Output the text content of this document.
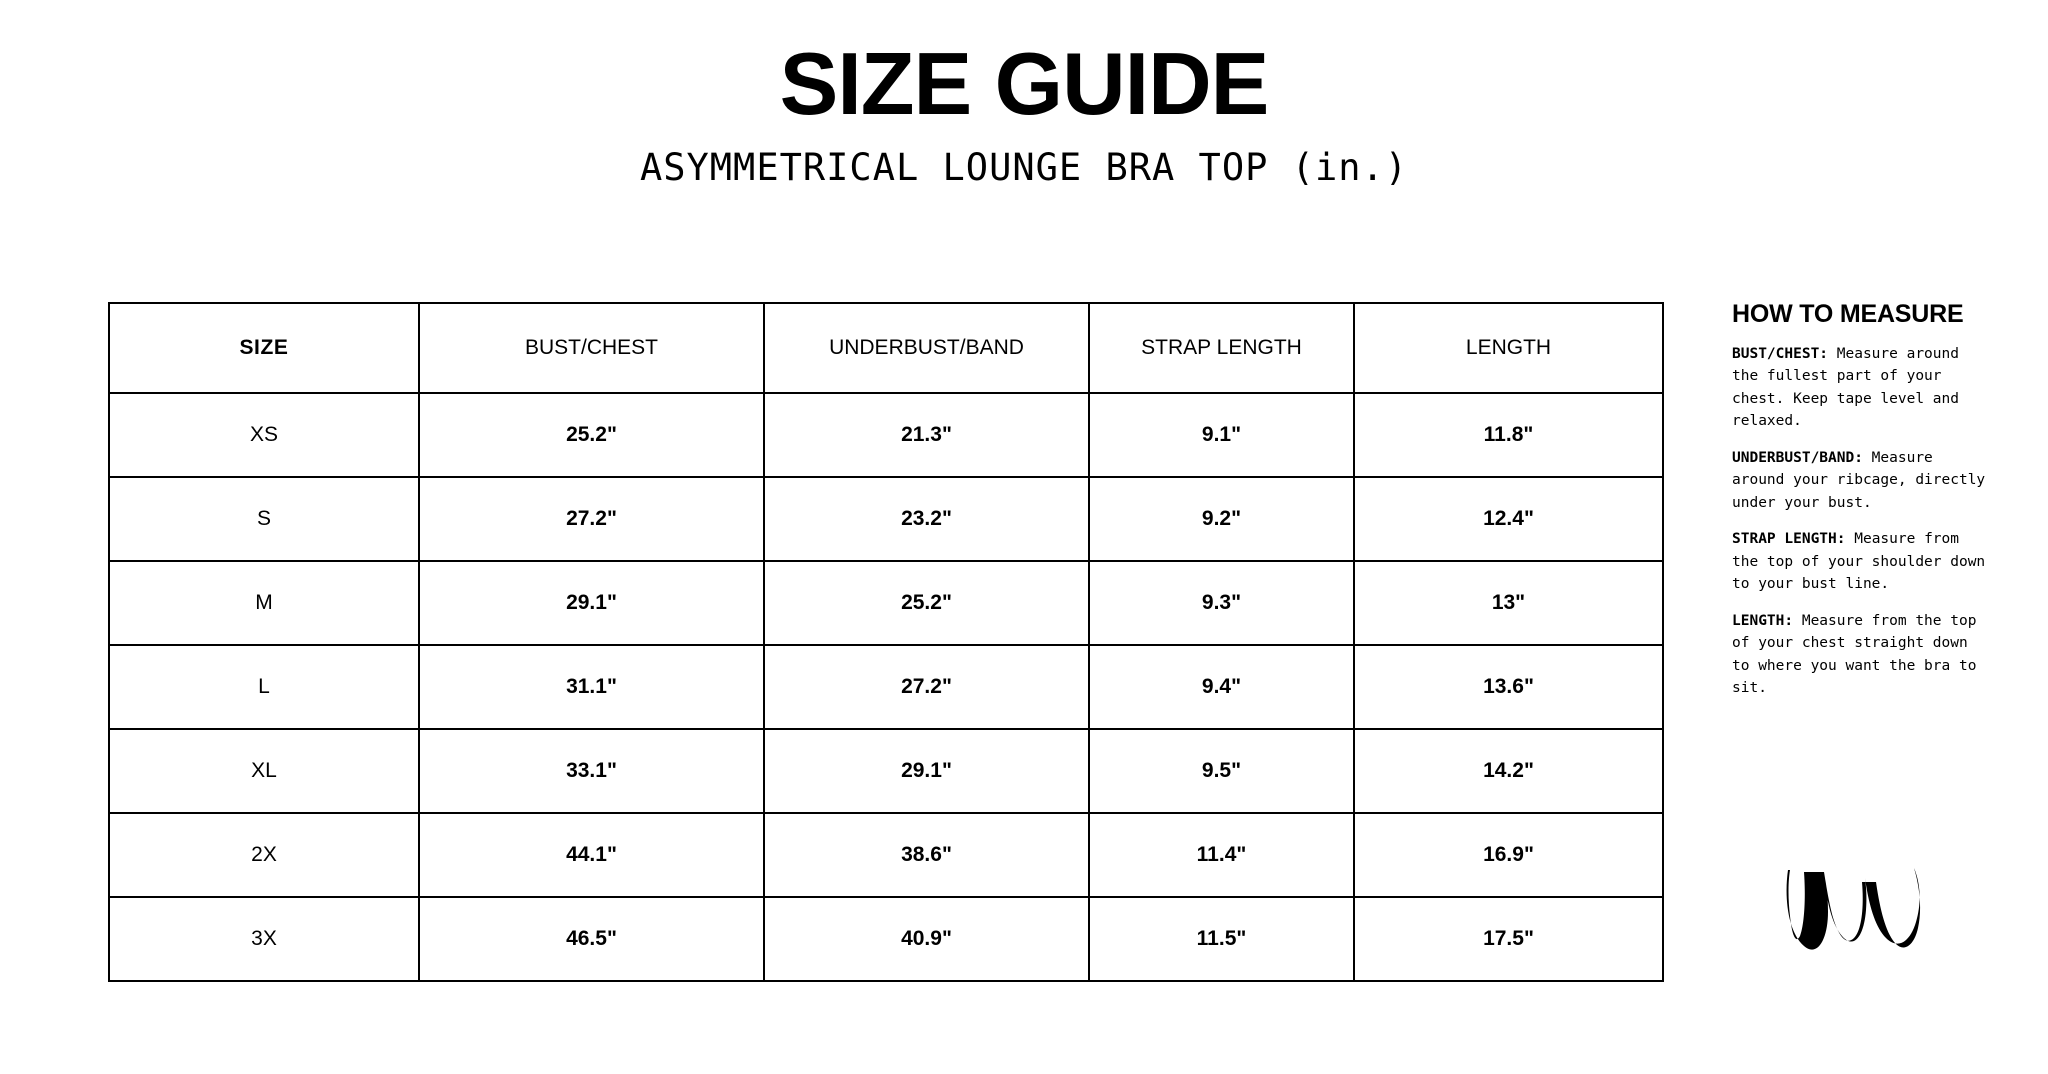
SIZE GUIDE
ASYMMETRICAL LOUNGE BRA TOP (in.)
SIZE	BUST/CHEST	UNDERBUST/BAND	STRAP LENGTH	LENGTH
XS	25.2"	21.3"	9.1"	11.8"
S	27.2"	23.2"	9.2"	12.4"
M	29.1"	25.2"	9.3"	13"
L	31.1"	27.2"	9.4"	13.6"
XL	33.1"	29.1"	9.5"	14.2"
2X	44.1"	38.6"	11.4"	16.9"
3X	46.5"	40.9"	11.5"	17.5"
HOW TO MEASURE
BUST/CHEST: Measure around the fullest part of your chest. Keep tape level and relaxed.
UNDERBUST/BAND: Measure around your ribcage, directly under your bust.
STRAP LENGTH: Measure from the top of your shoulder down to your bust line.
LENGTH: Measure from the top of your chest straight down to where you want the bra to sit.
